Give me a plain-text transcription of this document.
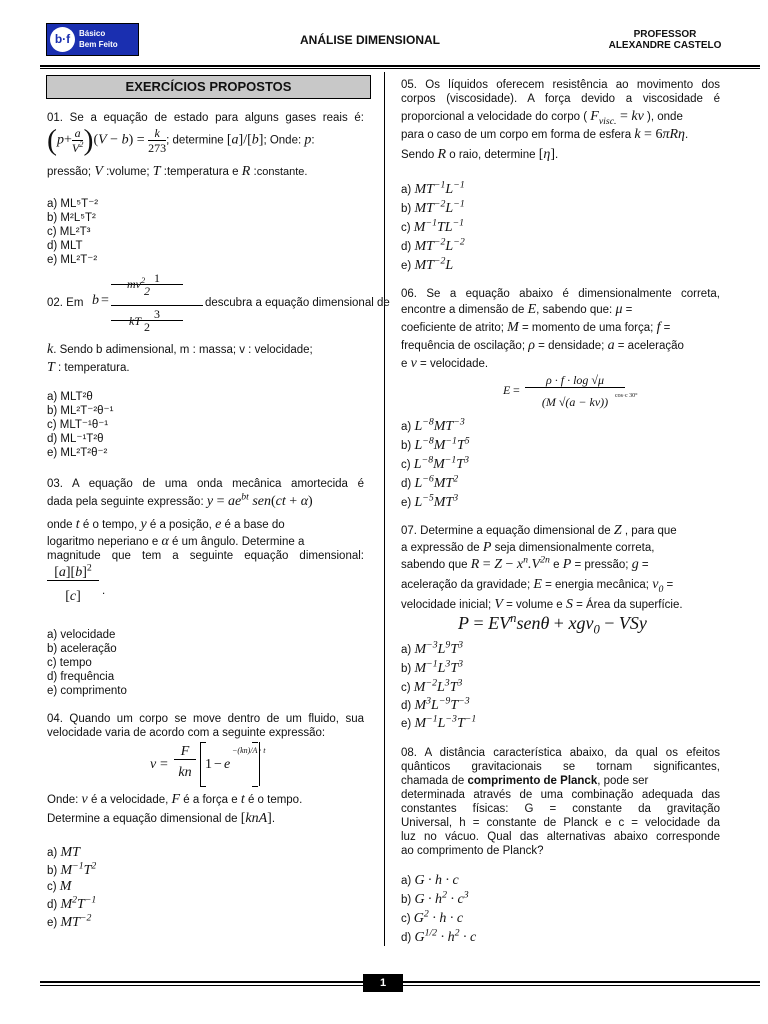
b·f	Básico
Bem Feito	ANÁLISE DIMENSIONAL	PROFESSOR
ALEXANDRE CASTELO
EXERCÍCIOS PROPOSTOS
01. Se a equação de estado para alguns gases reais é:
$(p+ \frac{a}{V^2} )(V - b) = \frac{k}{273}$ ; determine [a]/[b]; Onde: p:
pressão; V :volume; T :temperatura e R :constante.
a) ML⁵T⁻²
b) M²L⁵T²
c) ML²T³
d) MLT
e) ML²T⁻²
02. Em b =
1
2
$mv^2$
3
2
kT
descubra a equação dimensional de
k. Sendo b adimensional, m : massa; v : velocidade;
T : temperatura.
a) MLT²θ
b) ML²T⁻²θ⁻¹
c) MLT⁻¹θ⁻¹
d) ML⁻¹T²θ
e) ML²T²θ⁻²
03. A equação de uma onda mecânica amortecida é
dada pela seguinte expressão: $y = ae^{bt}$ sen(ct + α)
onde t é o tempo, y é a posição, e é a base do
logaritmo neperiano e α é um ângulo. Determine a
magnitude que tem a seguinte equação dimensional:
$[a][b]^2$
[c]	.
a) velocidade
b) aceleração
c) tempo
d) frequência
e) comprimento
04. Quando um corpo se move dentro de um fluido, sua
velocidade varia de acordo com a seguinte expressão:
v =
F
kn
1 − e
−(kn)/A · t
Onde: v é a velocidade, F é a força e t é o tempo.
Determine a equação dimensional de [knA].
a) MT
b) $M^{-1}T^2$
c) M
d) $M^2T^{-1}$
e) $MT^{-2}$
05. Os líquidos oferecem resistência ao movimento dos
corpos (viscosidade). A força devido a viscosidade é
proporcional a velocidade do corpo ( $F_{visc.}$ = kv ), onde
para o caso de um corpo em forma de esfera k = 6πRη.
Sendo R o raio, determine [η].
a) $MT^{-1}L^{-1}$
b) $MT^{-2}L^{-1}$
c) $M^{-1}TL^{-1}$
d) $MT^{-2}L^{-2}$
e) $MT^{-2}L$
06. Se a equação abaixo é dimensionalmente correta,
encontre a dimensão de E, sabendo que: μ =
coeficiente de atrito; M = momento de uma força; f =
frequência de oscilação; ρ = densidade; a = aceleração
e v = velocidade.
E =
ρ · f · log √μ
(M √(a − kv))	cos·c 30°
a) $L^{-8}MT^{-3}$
b) $L^{-8}M^{-1}T^5$
c) $L^{-8}M^{-1}T^3$
d) $L^{-6}MT^2$
e) $L^{-5}MT^3$
07. Determine a equação dimensional de Z , para que
a expressão de P seja dimensionalmente correta,
sabendo que $R = Z - x^n.V^{2n}$ e P = pressão; g =
aceleração da gravidade; E = energia mecânica; $v_0$ =
velocidade inicial; V = volume e S = Área da superfície.
$P = EV^nsen\theta + xgv_0$ − VSy
a) $M^{-3}L^9T^3$
b) $M^{-1}L^3T^3$
c) $M^{-2}L^3T^3$
d) $M^3L^{-9}T^{-3}$
e) $M^{-1}L^{-3}T^{-1}$
08. A distância característica abaixo, da qual os efeitos
quânticos gravitacionais se tornam significantes,
chamada de comprimento de Planck, pode ser
determinada através de uma combinação adequada das
constantes físicas: G = constante da gravitação
Universal, h = constante de Planck e c = velocidade da
luz no vácuo. Qual das alternativas abaixo corresponde
ao comprimento de Planck?
a) G · h · c
b) $G \cdot h^2 \cdot c^3$
c) $G^2 \cdot h \cdot c$
d) $G^{1/2} \cdot h^2 \cdot c$
1
